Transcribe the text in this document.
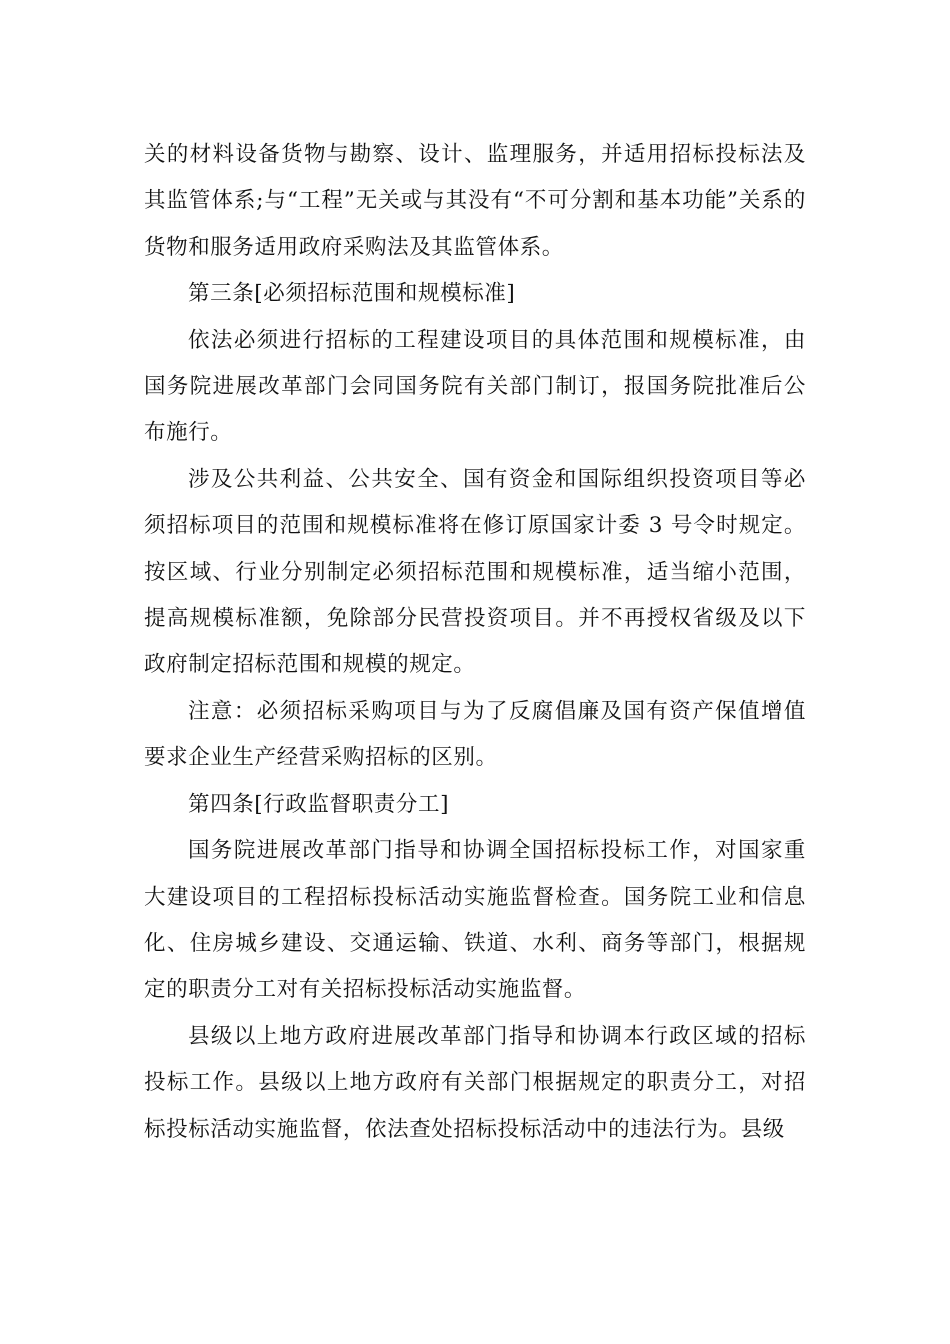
关的材料设备货物与勘察、设计、监理服务，并适用招标投标法及其监管体系;与“工程”无关或与其没有“不可分割和基本功能”关系的货物和服务适用政府采购法及其监管体系。

第三条[必须招标范围和规模标准]

依法必须进行招标的工程建设项目的具体范围和规模标准，由国务院进展改革部门会同国务院有关部门制订，报国务院批准后公布施行。

涉及公共利益、公共安全、国有资金和国际组织投资项目等必须招标项目的范围和规模标准将在修订原国家计委 3 号令时规定。按区域、行业分别制定必须招标范围和规模标准，适当缩小范围，提高规模标准额，免除部分民营投资项目。并不再授权省级及以下政府制定招标范围和规模的规定。

注意：必须招标采购项目与为了反腐倡廉及国有资产保值增值要求企业生产经营采购招标的区别。

第四条[行政监督职责分工]

国务院进展改革部门指导和协调全国招标投标工作，对国家重大建设项目的工程招标投标活动实施监督检查。国务院工业和信息化、住房城乡建设、交通运输、铁道、水利、商务等部门，根据规定的职责分工对有关招标投标活动实施监督。

县级以上地方政府进展改革部门指导和协调本行政区域的招标投标工作。县级以上地方政府有关部门根据规定的职责分工，对招标投标活动实施监督，依法查处招标投标活动中的违法行为。县级
